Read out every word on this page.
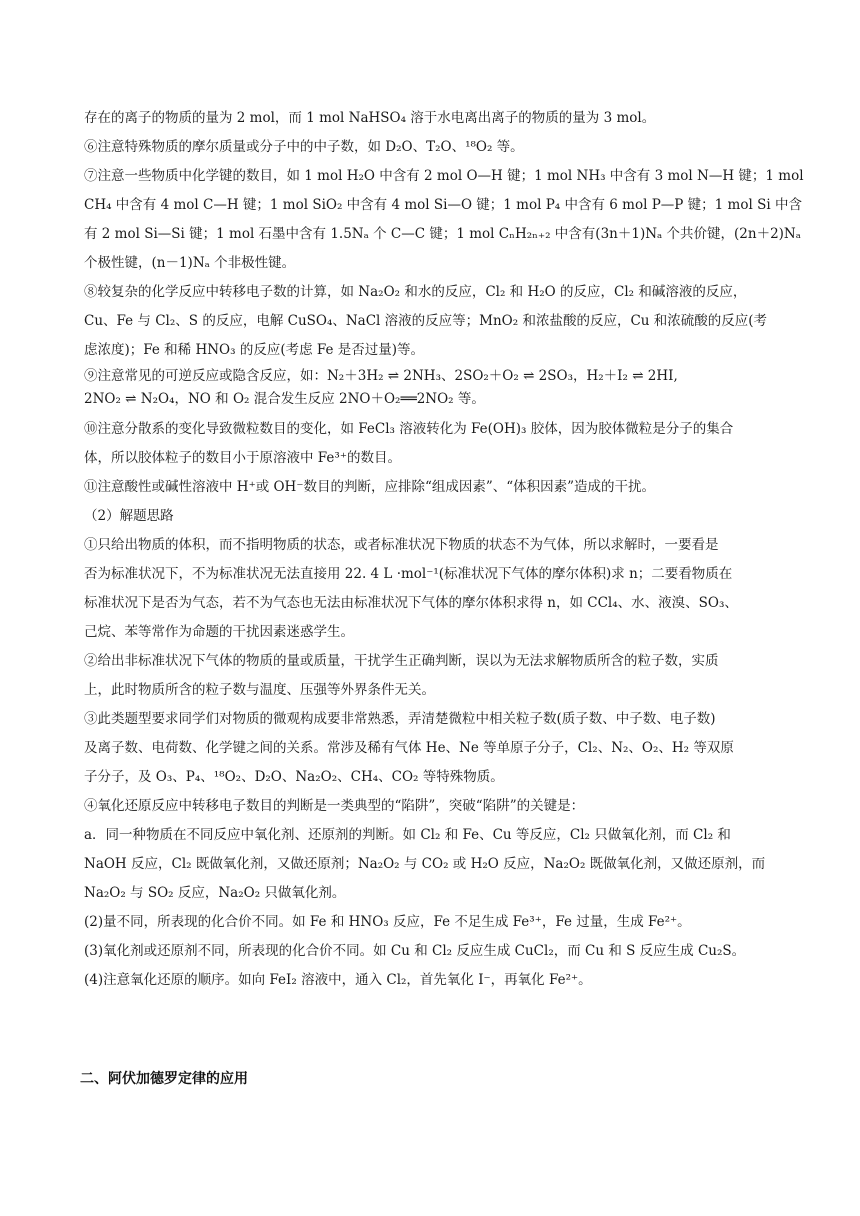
存在的离子的物质的量为 2 mol，而 1 mol NaHSO₄ 溶于水电离出离子的物质的量为 3 mol。

⑥注意特殊物质的摩尔质量或分子中的中子数，如 D₂O、T₂O、¹⁸O₂ 等。

⑦注意一些物质中化学键的数目，如 1 mol H₂O 中含有 2 mol O—H 键；1 mol NH₃ 中含有 3 mol N—H 键；1 mol

CH₄ 中含有 4 mol C—H 键；1 mol SiO₂ 中含有 4 mol Si—O 键；1 mol P₄ 中含有 6 mol P—P 键；1 mol Si 中含

有 2 mol Si—Si 键；1 mol 石墨中含有 1.5Nₐ 个 C—C 键；1 mol CₙH₂ₙ₊₂ 中含有(3n＋1)Nₐ 个共价键，(2n＋2)Nₐ

个极性键，(n－1)Nₐ 个非极性键。

⑧较复杂的化学反应中转移电子数的计算，如 Na₂O₂ 和水的反应，Cl₂ 和 H₂O 的反应，Cl₂ 和碱溶液的反应，

Cu、Fe 与 Cl₂、S 的反应，电解 CuSO₄、NaCl 溶液的反应等；MnO₂ 和浓盐酸的反应，Cu 和浓硫酸的反应(考

虑浓度)；Fe 和稀 HNO₃ 的反应(考虑 Fe 是否过量)等。

⑨注意常见的可逆反应或隐含反应，如：N₂＋3H₂ ⇌ 2NH₃、2SO₂＋O₂ ⇌ 2SO₃，H₂＋I₂ ⇌ 2HI,

2NO₂ ⇌ N₂O₄，NO 和 O₂ 混合发生反应 2NO＋O₂══2NO₂ 等。

⑩注意分散系的变化导致微粒数目的变化，如 FeCl₃ 溶液转化为 Fe(OH)₃ 胶体，因为胶体微粒是分子的集合

体，所以胶体粒子的数目小于原溶液中 Fe³⁺的数目。

⑪注意酸性或碱性溶液中 H⁺或 OH⁻数目的判断，应排除“组成因素”、“体积因素”造成的干扰。

（2）解题思路

①只给出物质的体积，而不指明物质的状态，或者标准状况下物质的状态不为气体，所以求解时，一要看是

否为标准状况下，不为标准状况无法直接用 22. 4 L ·mol⁻¹(标准状况下气体的摩尔体积)求 n；二要看物质在

标准状况下是否为气态，若不为气态也无法由标准状况下气体的摩尔体积求得 n，如 CCl₄、水、液溴、SO₃、

己烷、苯等常作为命题的干扰因素迷惑学生。

②给出非标准状况下气体的物质的量或质量，干扰学生正确判断，误以为无法求解物质所含的粒子数，实质

上，此时物质所含的粒子数与温度、压强等外界条件无关。

③此类题型要求同学们对物质的微观构成要非常熟悉，弄清楚微粒中相关粒子数(质子数、中子数、电子数)

及离子数、电荷数、化学键之间的关系。常涉及稀有气体 He、Ne 等单原子分子，Cl₂、N₂、O₂、H₂ 等双原

子分子，及 O₃、P₄、¹⁸O₂、D₂O、Na₂O₂、CH₄、CO₂ 等特殊物质。

④氧化还原反应中转移电子数目的判断是一类典型的“陷阱”，突破“陷阱”的关键是：

a．同一种物质在不同反应中氧化剂、还原剂的判断。如 Cl₂ 和 Fe、Cu 等反应，Cl₂ 只做氧化剂，而 Cl₂ 和

NaOH 反应，Cl₂ 既做氧化剂，又做还原剂；Na₂O₂ 与 CO₂ 或 H₂O 反应，Na₂O₂ 既做氧化剂，又做还原剂，而

Na₂O₂ 与 SO₂ 反应，Na₂O₂ 只做氧化剂。

(2)量不同，所表现的化合价不同。如 Fe 和 HNO₃ 反应，Fe 不足生成 Fe³⁺，Fe 过量，生成 Fe²⁺。

(3)氧化剂或还原剂不同，所表现的化合价不同。如 Cu 和 Cl₂ 反应生成 CuCl₂，而 Cu 和 S 反应生成 Cu₂S。

(4)注意氧化还原的顺序。如向 FeI₂ 溶液中，通入 Cl₂，首先氧化 I⁻，再氧化 Fe²⁺。

二、阿伏加德罗定律的应用
